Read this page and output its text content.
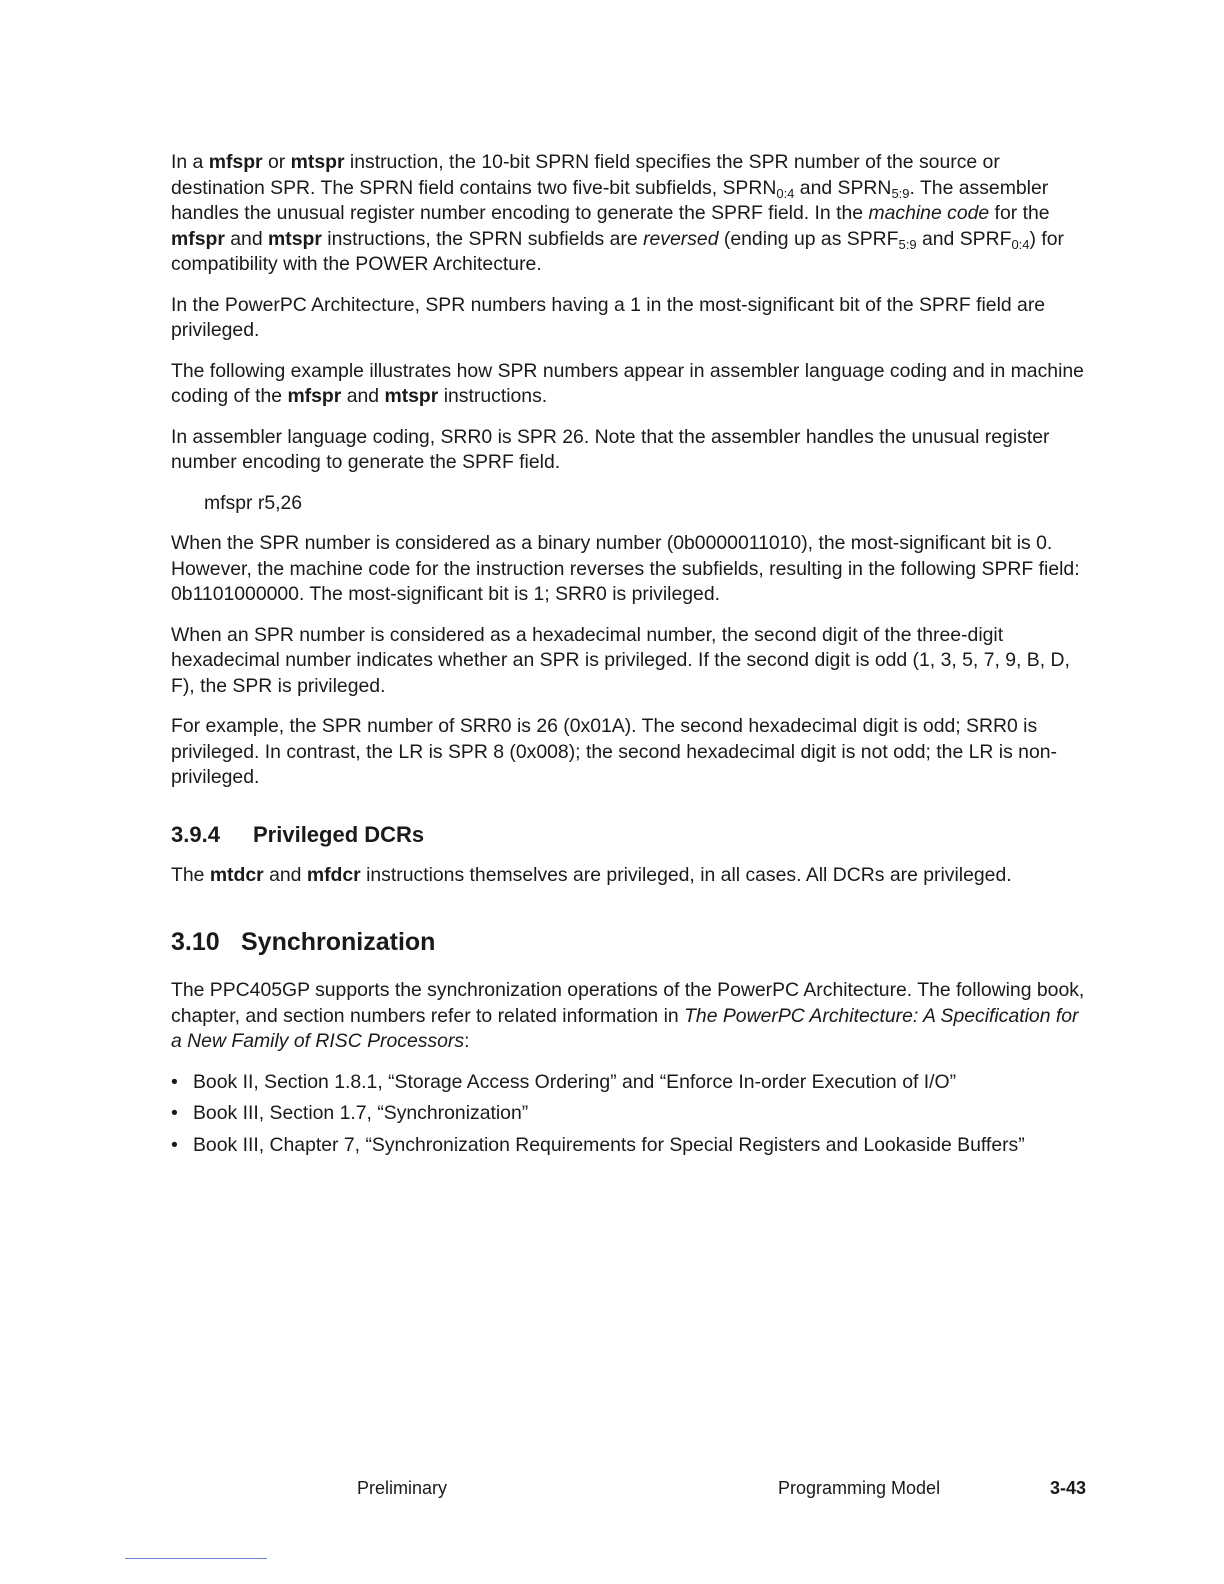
In a mfspr or mtspr instruction, the 10-bit SPRN field specifies the SPR number of the source or destination SPR. The SPRN field contains two five-bit subfields, $SPRN_{0:4}$ and $SPRN_{5:9}$. The assembler handles the unusual register number encoding to generate the SPRF field. In the machine code for the mfspr and mtspr instructions, the SPRN subfields are reversed (ending up as $SPRF_{5:9}$ and $SPRF_{0:4}$) for compatibility with the POWER Architecture.

In the PowerPC Architecture, SPR numbers having a 1 in the most-significant bit of the SPRF field are privileged.

The following example illustrates how SPR numbers appear in assembler language coding and in machine coding of the mfspr and mtspr instructions.

In assembler language coding, SRR0 is SPR 26. Note that the assembler handles the unusual register number encoding to generate the SPRF field.

mfspr r5,26

When the SPR number is considered as a binary number (0b0000011010), the most-significant bit is 0. However, the machine code for the instruction reverses the subfields, resulting in the following SPRF field: 0b1101000000. The most-significant bit is 1; SRR0 is privileged.

When an SPR number is considered as a hexadecimal number, the second digit of the three-digit hexadecimal number indicates whether an SPR is privileged. If the second digit is odd (1, 3, 5, 7, 9, B, D, F), the SPR is privileged.

For example, the SPR number of SRR0 is 26 (0x01A). The second hexadecimal digit is odd; SRR0 is privileged. In contrast, the LR is SPR 8 (0x008); the second hexadecimal digit is not odd; the LR is non-privileged.

3.9.4 Privileged DCRs

The mtdcr and mfdcr instructions themselves are privileged, in all cases. All DCRs are privileged.

3.10 Synchronization

The PPC405GP supports the synchronization operations of the PowerPC Architecture. The following book, chapter, and section numbers refer to related information in The PowerPC Architecture: A Specification for a New Family of RISC Processors:

• Book II, Section 1.8.1, “Storage Access Ordering” and “Enforce In-order Execution of I/O”
• Book III, Section 1.7, “Synchronization”
• Book III, Chapter 7, “Synchronization Requirements for Special Registers and Lookaside Buffers”
Preliminary	Programming Model	3-43
